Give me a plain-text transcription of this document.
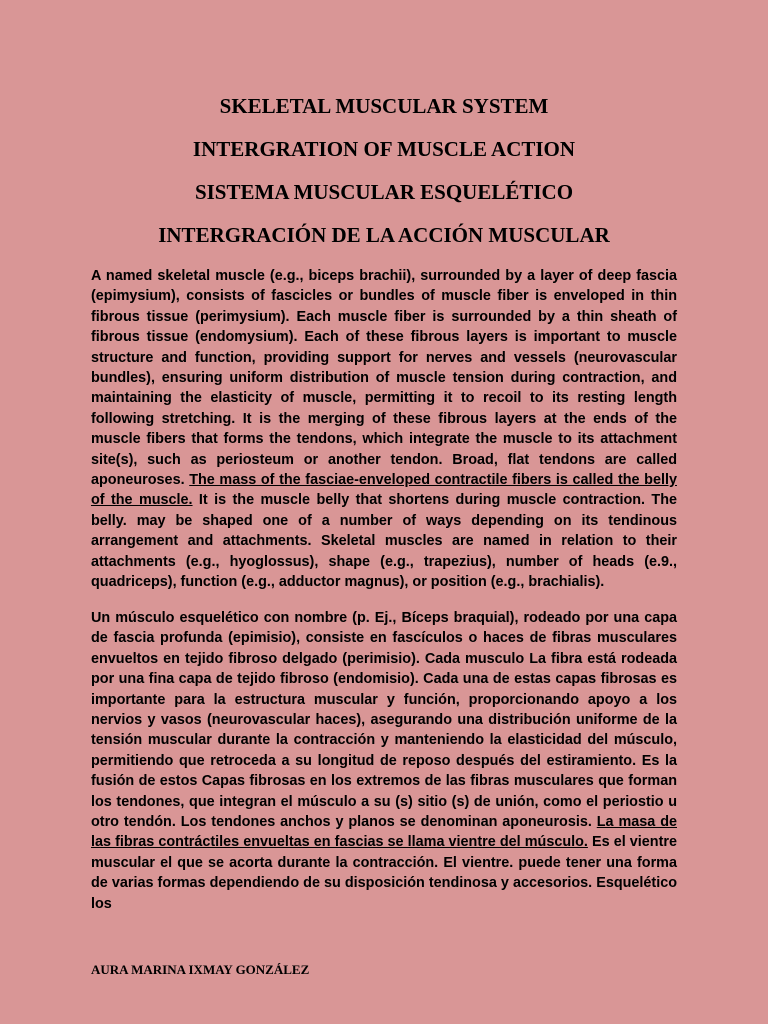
SKELETAL MUSCULAR SYSTEM
INTERGRATION OF MUSCLE ACTION
SISTEMA MUSCULAR ESQUELÉTICO
INTERGRACIÓN DE LA ACCIÓN MUSCULAR

A named skeletal muscle (e.g., biceps brachii), surrounded by a layer of deep fascia (epimysium), consists of fascicles or bundles of muscle fiber is enveloped in thin fibrous tissue (perimysium). Each muscle fiber is surrounded by a thin sheath of fibrous tissue (endomysium). Each of these fibrous layers is important to muscle structure and function, providing support for nerves and vessels (neurovascular bundles), ensuring uniform distribution of muscle tension during contraction, and maintaining the elasticity of muscle, permitting it to recoil to its resting length following stretching. It is the merging of these fibrous layers at the ends of the muscle fibers that forms the tendons, which integrate the muscle to its attachment site(s), such as periosteum or another tendon. Broad, flat tendons are called aponeuroses. The mass of the fasciae-enveloped contractile fibers is called the belly of the muscle. It is the muscle belly that shortens during muscle contraction. The belly. may be shaped one of a number of ways depending on its tendinous arrangement and attachments. Skeletal muscles are named in relation to their attachments (e.g., hyoglossus), shape (e.g., trapezius), number of heads (e.9., quadriceps), function (e.g., adductor magnus), or position (e.g., brachialis).

Un músculo esquelético con nombre (p. Ej., Bíceps braquial), rodeado por una capa de fascia profunda (epimisio), consiste en fascículos o haces de fibras musculares envueltos en tejido fibroso delgado (perimisio). Cada musculo La fibra está rodeada por una fina capa de tejido fibroso (endomisio). Cada una de estas capas fibrosas es importante para la estructura muscular y función, proporcionando apoyo a los nervios y vasos (neurovascular haces), asegurando una distribución uniforme de la tensión muscular durante la contracción y manteniendo la elasticidad del músculo, permitiendo que retroceda a su longitud de reposo después del estiramiento. Es la fusión de estos Capas fibrosas en los extremos de las fibras musculares que forman los tendones, que integran el músculo a su (s) sitio (s) de unión, como el periostio u otro tendón. Los tendones anchos y planos se denominan aponeurosis. La masa de las fibras contráctiles envueltas en fascias se llama vientre del músculo. Es el vientre muscular el que se acorta durante la contracción. El vientre. puede tener una forma de varias formas dependiendo de su disposición tendinosa y accesorios. Esquelético los

AURA MARINA IXMAY GONZÁLEZ
